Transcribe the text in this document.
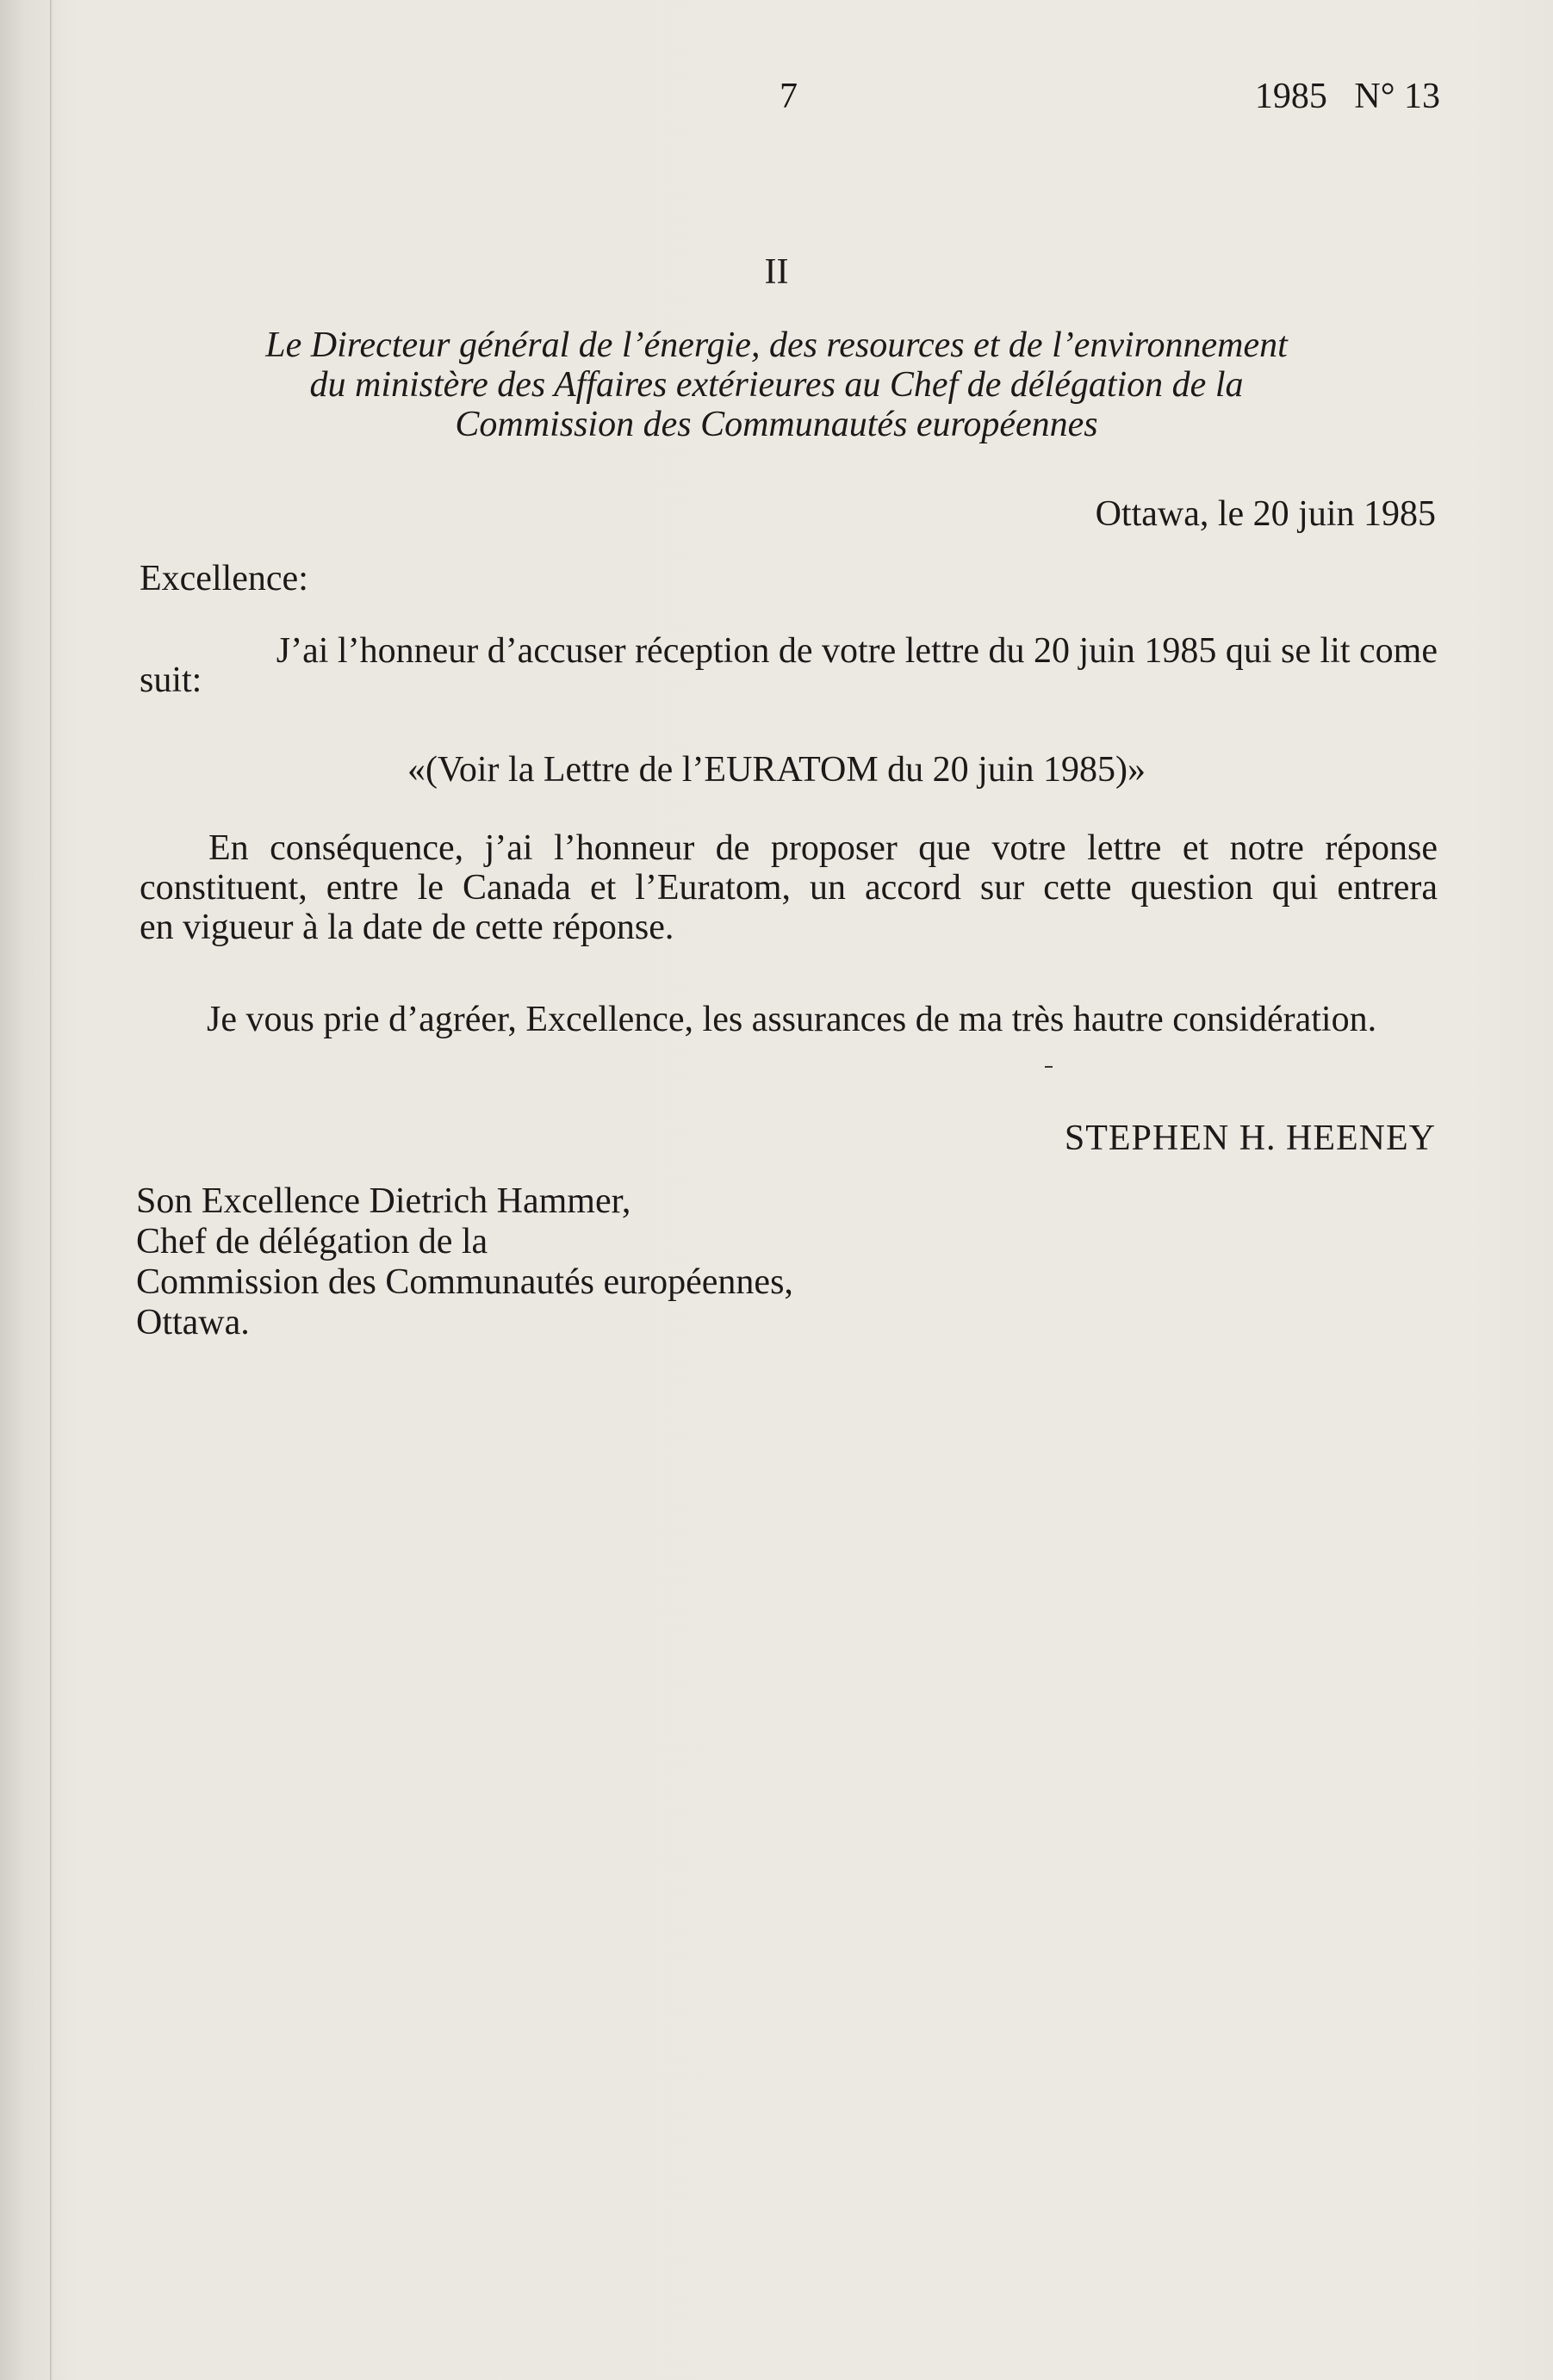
7	1985   N° 13
II
Le Directeur général de l’énergie, des resources et de l’environnement
du ministère des Affaires extérieures au Chef de délégation de la
Commission des Communautés européennes
Ottawa, le 20 juin 1985
Excellence:
J’ai l’honneur d’accuser réception de votre lettre du 20 juin 1985 qui se lit come
suit:
«(Voir la Lettre de l’EURATOM du 20 juin 1985)»
En conséquence, j’ai l’honneur de proposer que votre lettre et notre réponse
constituent, entre le Canada et l’Euratom, un accord sur cette question qui entrera
en vigueur à la date de cette réponse.
Je vous prie d’agréer, Excellence, les assurances de ma très hautre considération.
STEPHEN H. HEENEY
Son Excellence Dietrich Hammer,
Chef de délégation de la
Commission des Communautés européennes,
Ottawa.
